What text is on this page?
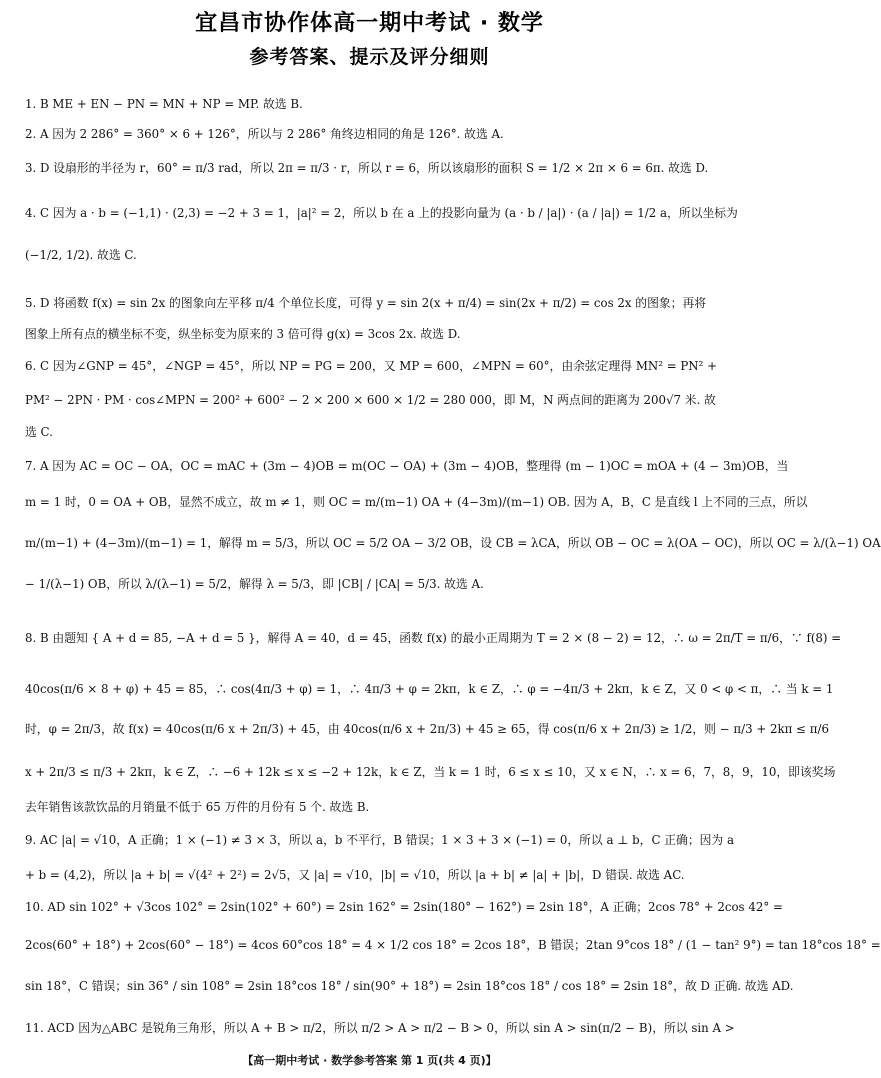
宜昌市协作体高一期中考试 · 数学
参考答案、提示及评分细则
1. B ME + EN − PN = MN + NP = MP. 故选 B.
2. A 因为 2 286° = 360° × 6 + 126°，所以与 2 286° 角终边相同的角是 126°. 故选 A.
3. D 设扇形的半径为 r，60° = π/3 rad，所以 2π = π/3 · r，所以 r = 6，所以该扇形的面积 S = 1/2 × 2π × 6 = 6π. 故选 D.
4. C 因为 a · b = (−1,1) · (2,3) = −2 + 3 = 1，|a|² = 2，所以 b 在 a 上的投影向量为 (a · b / |a|) · (a / |a|) = 1/2 a，所以坐标为
(−1/2, 1/2). 故选 C.
5. D 将函数 f(x) = sin 2x 的图象向左平移 π/4 个单位长度，可得 y = sin 2(x + π/4) = sin(2x + π/2) = cos 2x 的图象；再将
图象上所有点的横坐标不变，纵坐标变为原来的 3 倍可得 g(x) = 3cos 2x. 故选 D.
6. C 因为∠GNP = 45°，∠NGP = 45°，所以 NP = PG = 200，又 MP = 600，∠MPN = 60°，由余弦定理得 MN² = PN² +
PM² − 2PN · PM · cos∠MPN = 200² + 600² − 2 × 200 × 600 × 1/2 = 280 000，即 M，N 两点间的距离为 200√7 米. 故
选 C.
7. A 因为 AC = OC − OA，OC = mAC + (3m − 4)OB = m(OC − OA) + (3m − 4)OB，整理得 (m − 1)OC = mOA + (4 − 3m)OB，当
m = 1 时，0 = OA + OB，显然不成立，故 m ≠ 1，则 OC = m/(m−1) OA + (4−3m)/(m−1) OB. 因为 A，B，C 是直线 l 上不同的三点，所以
m/(m−1) + (4−3m)/(m−1) = 1，解得 m = 5/3，所以 OC = 5/2 OA − 3/2 OB，设 CB = λCA，所以 OB − OC = λ(OA − OC)，所以 OC = λ/(λ−1) OA
− 1/(λ−1) OB，所以 λ/(λ−1) = 5/2，解得 λ = 5/3，即 |CB| / |CA| = 5/3. 故选 A.
8. B 由题知 { A + d = 85, −A + d = 5 }，解得 A = 40，d = 45，函数 f(x) 的最小正周期为 T = 2 × (8 − 2) = 12，∴ ω = 2π/T = π/6，∵ f(8) =
40cos(π/6 × 8 + φ) + 45 = 85，∴ cos(4π/3 + φ) = 1，∴ 4π/3 + φ = 2kπ，k ∈ Z，∴ φ = −4π/3 + 2kπ，k ∈ Z，又 0 < φ < π，∴ 当 k = 1
时，φ = 2π/3，故 f(x) = 40cos(π/6 x + 2π/3) + 45，由 40cos(π/6 x + 2π/3) + 45 ≥ 65，得 cos(π/6 x + 2π/3) ≥ 1/2，则 − π/3 + 2kπ ≤ π/6
x + 2π/3 ≤ π/3 + 2kπ，k ∈ Z，∴ −6 + 12k ≤ x ≤ −2 + 12k，k ∈ Z，当 k = 1 时，6 ≤ x ≤ 10，又 x ∈ N，∴ x = 6，7，8，9，10，即该奖场
去年销售该款饮品的月销量不低于 65 万件的月份有 5 个. 故选 B.
9. AC |a| = √10，A 正确；1 × (−1) ≠ 3 × 3，所以 a，b 不平行，B 错误；1 × 3 + 3 × (−1) = 0，所以 a ⊥ b，C 正确；因为 a
+ b = (4,2)，所以 |a + b| = √(4² + 2²) = 2√5，又 |a| = √10，|b| = √10，所以 |a + b| ≠ |a| + |b|，D 错误. 故选 AC.
10. AD sin 102° + √3cos 102° = 2sin(102° + 60°) = 2sin 162° = 2sin(180° − 162°) = 2sin 18°，A 正确；2cos 78° + 2cos 42° =
2cos(60° + 18°) + 2cos(60° − 18°) = 4cos 60°cos 18° = 4 × 1/2 cos 18° = 2cos 18°，B 错误；2tan 9°cos 18° / (1 − tan² 9°) = tan 18°cos 18° =
sin 18°，C 错误；sin 36° / sin 108° = 2sin 18°cos 18° / sin(90° + 18°) = 2sin 18°cos 18° / cos 18° = 2sin 18°，故 D 正确. 故选 AD.
11. ACD 因为△ABC 是锐角三角形，所以 A + B > π/2，所以 π/2 > A > π/2 − B > 0，所以 sin A > sin(π/2 − B)，所以 sin A >
【高一期中考试 · 数学参考答案 第 1 页(共 4 页)】
